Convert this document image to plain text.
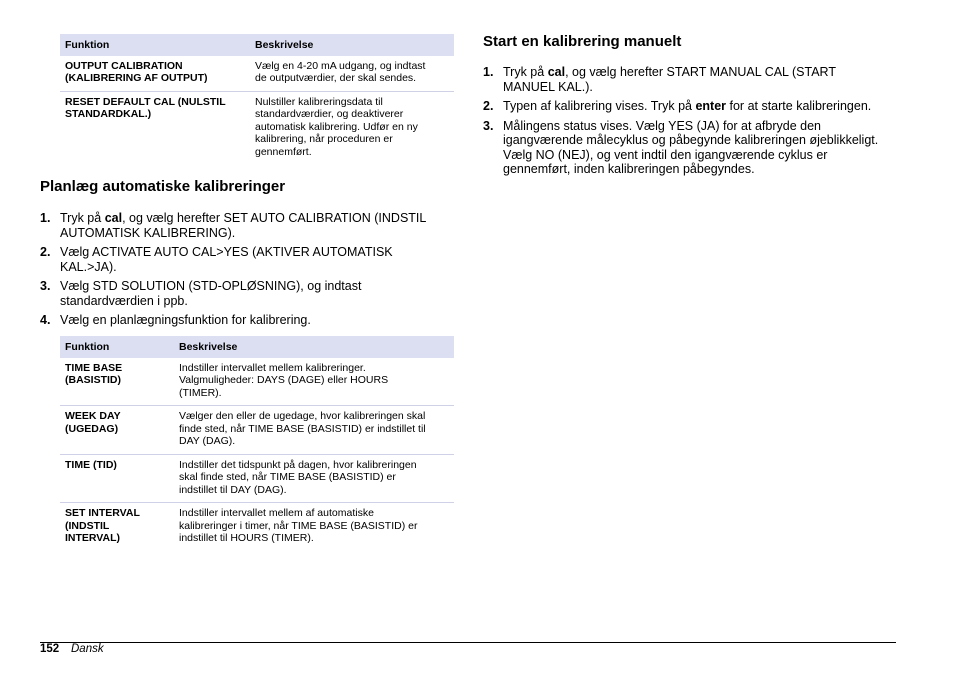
Funktion	Beskrivelse
OUTPUT CALIBRATION
(KALIBRERING AF OUTPUT)	Vælg en 4-20 mA udgang, og indtast
de outputværdier, der skal sendes.
RESET DEFAULT CAL (NULSTIL
STANDARDKAL.)	Nulstiller kalibreringsdata til
standardværdier, og deaktiverer
automatisk kalibrering. Udfør en ny
kalibrering, når proceduren er
gennemført.
Planlæg automatiske kalibreringer
1. Tryk på cal, og vælg herefter SET AUTO CALIBRATION (INDSTIL
AUTOMATISK KALIBRERING).
2. Vælg ACTIVATE AUTO CAL>YES (AKTIVER AUTOMATISK
KAL.>JA).
3. Vælg STD SOLUTION (STD-OPLØSNING), og indtast
standardværdien i ppb.
4. Vælg en planlægningsfunktion for kalibrering.
Funktion	Beskrivelse
TIME BASE
(BASISTID)	Indstiller intervallet mellem kalibreringer.
Valgmuligheder: DAYS (DAGE) eller HOURS
(TIMER).
WEEK DAY
(UGEDAG)	Vælger den eller de ugedage, hvor kalibreringen skal
finde sted, når TIME BASE (BASISTID) er indstillet til
DAY (DAG).
TIME (TID)	Indstiller det tidspunkt på dagen, hvor kalibreringen
skal finde sted, når TIME BASE (BASISTID) er
indstillet til DAY (DAG).
SET INTERVAL
(INDSTIL
INTERVAL)	Indstiller intervallet mellem af automatiske
kalibreringer i timer, når TIME BASE (BASISTID) er
indstillet til HOURS (TIMER).
Start en kalibrering manuelt
1. Tryk på cal, og vælg herefter START MANUAL CAL (START
MANUEL KAL.).
2. Typen af kalibrering vises. Tryk på enter for at starte kalibreringen.
3. Målingens status vises. Vælg YES (JA) for at afbryde den
igangværende målecyklus og påbegynde kalibreringen øjeblikkeligt.
Vælg NO (NEJ), og vent indtil den igangværende cyklus er
gennemført, inden kalibreringen påbegyndes.
152 Dansk
